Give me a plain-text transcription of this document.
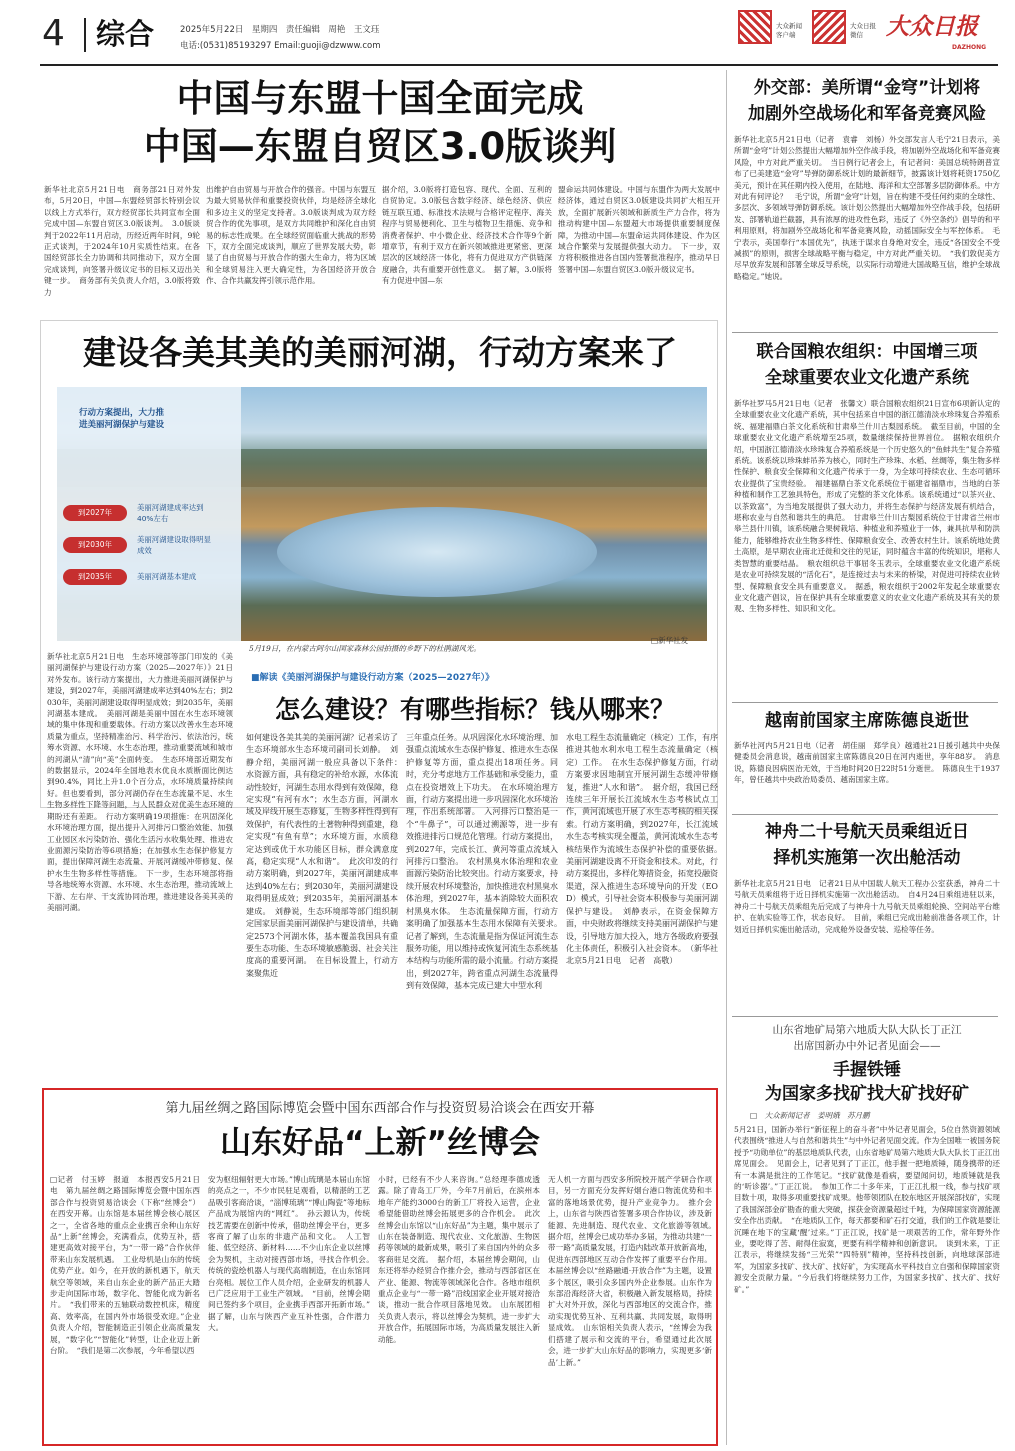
4 综合	2025年5月22日　星期四　责任编辑　周艳　王文珏
电话:(0531)85193297 Email:guoji@dzwww.com
大众新闻
客户端
大众日报
微信	大众日报
DAZHONG
中国与东盟十国全面完成
中国—东盟自贸区3.0版谈判
新华社北京5月21日电　商务部21日对外发布，5月20日，中国—东盟经贸部长特别会议以线上方式举行，双方经贸部长共同宣布全面完成中国—东盟自贸区3.0版谈判。　3.0版谈判于2022年11月启动，历经近两年时间，9轮正式谈判，于2024年10月实质性结束。在各国经贸部长全力协调和共同推动下，双方全面完成谈判，向签署升级议定书的目标又迈出关键一步。　商务部有关负责人介绍，3.0版将致力
出维护自由贸易与开放合作的强音。中国与东盟互为最大贸易伙伴和重要投资伙伴，均是经济全球化和多边主义的坚定支持者。3.0版谈判成为双方经贸合作的优先事项，是双方共同维护和深化自由贸易的标志性成果。在全球经贸面临重大挑战的形势下，双方全面完成谈判，顺应了世界发展大势，彰显了自由贸易与开放合作的强大生命力，将为区域和全球贸易注入更大确定性，为各国经济开放合作、合作共赢发挥引领示范作用。
据介绍，3.0版将打造包容、现代、全面、互利的自贸协定。3.0版包含数字经济、绿色经济、供应链互联互通、标准技术法规与合格评定程序、海关程序与贸易便利化、卫生与植物卫生措施、竞争和消费者保护、中小微企业、经济技术合作等9个新增章节，有利于双方在新兴领域推进更紧密、更深层次的区域经济一体化，将有力促进双方产供链深度融合，共有重要开创性意义。　据了解，3.0版将有力促进中国—东
盟命运共同体建设。中国与东盟作为两大发展中经济体，通过自贸区3.0版建设共同扩大相互开放，全面扩展新兴领域和新质生产力合作，将为推动构建中国—东盟超大市场提供重要制度保障，为推动中国—东盟命运共同体建设、作为区域合作繁荣与发展提供强大动力。　下一步，双方将积极推进各自国内签署批准程序，推动早日签署中国—东盟自贸区3.0版升级议定书。
外交部：美所谓“金穹”计划将
加剧外空战场化和军备竞赛风险
新华社北京5月21日电（记者　袁睿　刘杨）外交部发言人毛宁21日表示，美所谓“金穹”计划公然提出大幅增加外空作战手段，将加剧外空战场化和军备竞赛风险，中方对此严重关切。　当日例行记者会上，有记者问：美国总统特朗普宣布了已美建造“金穹”导弹防御系统计划的最新细节，披露该计划将耗资1750亿美元，预计在其任期内投入使用，在陆地、海洋和太空部署多层防御体系。中方对此有何评论？　毛宁说，所谓“金穹”计划，旨在构建不受任何约束的全球性、多层次、多领域导弹防御系统。该计划公然提出大幅增加外空作战手段，包括研发、部署轨道拦截器，具有浓厚的进攻性色彩，违反了《外空条约》倡导的和平利用原则，将加剧外空战场化和军备竞赛风险，动摇国际安全与军控体系。　毛宁表示，美国奉行“本国优先”，执迷于谋求自身绝对安全，违反“各国安全不受减损”的原则，损害全球战略平衡与稳定，中方对此严重关切。　“我们敦促美方尽早放弃发展和部署全球反导系统，以实际行动增进大国战略互信，维护全球战略稳定。”她说。
建设各美其美的美丽河湖，行动方案来了
行动方案提出，大力推
进美丽河湖保护与建设
到2027年
美丽河湖建成率达到
40%左右
到2030年
美丽河湖建设取得明显
成效
到2035年	美丽河湖基本建成
□新华社发
新华社北京5月21日电　生态环境部等部门印发的《美丽河湖保护与建设行动方案（2025—2027年）》21日对外发布。该行动方案提出，大力推进美丽河湖保护与建设，到2027年，美丽河湖建成率达到40%左右；到2030年，美丽河湖建设取得明显成效；到2035年，美丽河湖基本建成。　美丽河湖是美丽中国在水生态环境领域的集中体现和重要载体。行动方案以改善水生态环境质量为重点，坚持精准治污、科学治污、依法治污，统筹水资源、水环境、水生态治理，推动重要流域和城市的河湖从“清”向“美”全面转变。　生态环境部近期发布的数据显示，2024年全国地表水优良水质断面比例达到90.4%，同比上升1.0个百分点，水环境质量持续向好。但也要看到，部分河湖仍存在生态流量不足、水生生物多样性下降等问题，与人民群众对优美生态环境的期盼还有差距。　行动方案明确19项措施：在巩固深化水环境治理方面，提出提升入河排污口整治效能、加强工业园区水污染防治、强化生活污水收集处理、推进农业面源污染防治等6项措施；在加强水生态保护修复方面，提出保障河湖生态流量、开展河湖缓冲带修复、保护水生生物多样性等措施。　下一步，生态环境部将指导各地统筹水资源、水环境、水生态治理，推动流域上下游、左右岸、干支流协同治理，推进建设各美其美的美丽河湖。
5月19日，在内蒙古阿尔山国家森林公园拍摄的乡野下的杜鹃湖风光。
■解读《美丽河湖保护与建设行动方案（2025—2027年）》
怎么建设？有哪些指标？钱从哪来？
如何建设各美其美的美丽河湖？记者采访了生态环境部水生态环境司副司长刘静。　刘静介绍，美丽河湖一般应具备以下条件：　水资源方面，具有稳定的补给水源，水体流动性较好，河湖生态用水得到有效保障，稳定实现“有河有水”；水生态方面，河湖水域及岸线开展生态修复，生物多样性得到有效保护，有代表性的土著物种得到重建，稳定实现“有鱼有草”；水环境方面，水质稳定达到或优于水功能区目标，群众满意度高，稳定实现“人水和谐”。　此次印发的行动方案明确，到2027年，美丽河湖建成率达到40%左右；到2030年，美丽河湖建设取得明显成效；到2035年，美丽河湖基本建成。　刘静说，生态环境部等部门组织制定国家层面美丽河湖保护与建设清单，共确定2573个河湖水体，基本覆盖我国具有重要生态功能、生态环境敏感脆弱、社会关注度高的重要河湖。　在目标设置上，行动方案聚焦近
三年重点任务。从巩固深化水环境治理、加强重点流域水生态保护修复、推进水生态保护修复等方面，重点提出18项任务。同时，充分考虑地方工作基础和承受能力，重点在投资增效上下功夫。　在水环境治理方面，行动方案提出进一步巩固深化水环境治理，作出系统部署。　入河排污口整治是一个“牛鼻子”，可以通过溯源等，进一步有效推进排污口规范化管理。行动方案提出，到2027年，完成长江、黄河等重点流域入河排污口整治。　农村黑臭水体治理和农业面源污染防治比较突出。行动方案要求，持续开展农村环境整治，加快推进农村黑臭水体治理，到2027年，基本消除较大面积农村黑臭水体。　生态流量保障方面，行动方案明确了加强基本生态用水保障有关要求。　记者了解到，生态流量是指为保证河流生态服务功能，用以维持或恢复河流生态系统基本结构与功能所需的最小流量。行动方案提出，到2027年，跨省重点河湖生态流量得到有效保障，基本完成已建大中型水利
水电工程生态流量确定（核定）工作，有序推进其他水利水电工程生态流量确定（核定）工作。　在水生态保护修复方面，行动方案要求因地制宜开展河湖生态缓冲带修复，推进“人水和谐”。　据介绍，我国已经连续三年开展长江流域水生态考核试点工作，黄河流域也开展了水生态考核的相关探索。行动方案明确，到2027年，长江流域水生态考核实现全覆盖，黄河流域水生态考核结果作为流域生态保护补偿的重要依据。　美丽河湖建设离不开资金和技术。对此，行动方案提出，多样化筹措资金，拓宽投融资渠道，深入推进生态环境导向的开发（EOD）模式，引导社会资本积极参与美丽河湖保护与建设。　刘静表示，在资金保障方面，中央财政将继续支持美丽河湖保护与建设，引导地方加大投入，地方各级政府要强化主体责任，积极引入社会资本。　（新华社北京5月21日电　记者　高敬）
联合国粮农组织：中国增三项
全球重要农业文化遗产系统
新华社罗马5月21日电（记者　张馨文）联合国粮农组织21日宣布6项新认定的全球重要农业文化遗产系统，其中包括来自中国的浙江德清淡水珍珠复合养殖系统、福建福鼎白茶文化系统和甘肃皋兰什川古梨园系统。　截至目前，中国的全球重要农业文化遗产系统增至25项，数量继续保持世界首位。　据粮农组织介绍，中国浙江德清淡水珍珠复合养殖系统是一个历史悠久的“鱼蚌共生”复合养殖系统。该系统以珍珠蚌吊养为核心，同时生产珍珠、水稻、丝绸等，集生物多样性保护、粮食安全保障和文化遗产传承于一身，为全球可持续农业、生态可循环农业提供了宝贵经验。　福建福鼎白茶文化系统位于福建省福鼎市，当地的白茶种植和制作工艺独具特色，形成了完整的茶文化体系。该系统通过“以茶兴业、以茶致富”，为当地发展提供了强大动力，并将生态保护与经济发展有机结合，堪称农业与自然和谐共生的典范。　甘肃皋兰什川古梨园系统位于甘肃省兰州市皋兰县什川镇，该系统融合果树栽培、种植业和养殖业于一体，兼具抗旱和防洪能力，能够维持农业生物多样性、保障粮食安全、改善农村生计。该系统地处黄土高原，是早期农业南北迁徙和交往的见证，同时蕴含丰富的传统知识，堪称人类智慧的重要结晶。　粮农组织总干事屈冬玉表示，全球重要农业文化遗产系统是农业可持续发展的“活化石”，是连接过去与未来的桥梁，对促进可持续农业转型、保障粮食安全具有重要意义。　据悉，粮农组织于2002年发起全球重要农业文化遗产倡议，旨在保护具有全球重要意义的农业文化遗产系统及其有关的景观、生物多样性、知识和文化。
越南前国家主席陈德良逝世
新华社河内5月21日电（记者　胡佳丽　郑学良）越通社21日援引越共中央保健委员会消息说，越南前国家主席陈德良20日在河内逝世，享年88岁。　消息说，陈德良因病医治无效，于当地时间20日22时51分逝世。　陈德良生于1937年，曾任越共中央政治局委员、越南国家主席。
神舟二十号航天员乘组近日
择机实施第一次出舱活动
新华社北京5月21日电　记者21日从中国载人航天工程办公室获悉，神舟二十号航天员乘组将于近日择机实施第一次出舱活动。　自4月24日乘组进驻以来，神舟二十号航天员乘组先后完成了与神舟十九号航天员乘组轮换、空间站平台维护、在轨实验等工作，状态良好。　目前，乘组已完成出舱前准备各项工作，计划近日择机实施出舱活动，完成舱外设备安装、巡检等任务。
山东省地矿局第六地质大队大队长丁正江
出席国新办中外记者见面会——
手握铁锤
为国家多找矿找大矿找好矿
□　大众新闻记者　姜明娥　苏月鹏
5月21日，国新办举行“新征程上的奋斗者”中外记者见面会，5位自然资源领域代表围绕“推进人与自然和谐共生”与中外记者见面交流。作为全国唯一被国务院授予“功勋单位”的基层地质队代表，山东省地矿局第六地质大队大队长丁正江出席见面会。　见面会上，记者见到了丁正江，他手握一把地质锤，随身携带的还有一本满是批注的工作笔记。“找矿就像是看病，要望闻问切，地质锤就是我的‘听诊器’。”丁正江说。　参加工作二十多年来，丁正江扎根一线，参与找矿项目数十项，取得多项重要找矿成果。他带领团队在胶东地区开展深部找矿，实现了我国深部金矿勘查的重大突破，探获金资源量超过千吨，为保障国家资源能源安全作出贡献。　“在地质队工作，每天都要和矿石打交道，我们的工作就是要让沉睡在地下的宝藏‘醒’过来。”丁正江说，找矿是一项艰苦的工作，常年野外作业，要吃得了苦、耐得住寂寞，更要有科学精神和创新意识。　谈到未来，丁正江表示，将继续发扬“三光荣”“四特别”精神，坚持科技创新，向地球深部进军，为国家多找矿、找大矿、找好矿，为实现高水平科技自立自强和保障国家资源安全贡献力量。“今后我们将继续努力工作，为国家多找矿、找大矿、找好矿。”
第九届丝绸之路国际博览会暨中国东西部合作与投资贸易洽谈会在西安开幕
山东好品“上新”丝博会
□记者　付玉婷　报道　本报西安5月21日电　第九届丝绸之路国际博览会暨中国东西部合作与投资贸易洽谈会（下称“丝博会”）在西安开幕。山东馆是本届丝博会核心展区之一，全省各地的重点企业携百余种山东好品“上新”丝博会，充满看点，优势互补，搭建更高效对接平台，为“一带一路”合作伙伴带来山东发展机遇。　工业母机是山东的传统优势产业。如今，在开放的新机遇下，航天航空等领域，来自山东企业的新产品正大踏步走向国际市场，数字化、智能化成为新名片。　“我们带来的五轴联动数控机床，精度高、效率高，在国内外市场很受欢迎。”企业负责人介绍，智能制造正引领企业高质量发展，“数字化”“智能化”转型，让企业迈上新台阶。　“我们是第二次参展，今年希望以西
安为枢纽辐射更大市场。”博山琉璃是本届山东馆的亮点之一，不少市民驻足观看，以精湛的工艺品吸引客商洽谈，“淄博琉璃”“博山陶瓷”等地标产品成为展馆内的“网红”。　孙云源认为，传统技艺需要在创新中传承，借助丝博会平台，更多客商了解了山东的非遗产品和文化。　人工智能、低空经济、新材料……不少山东企业以丝博会为契机，主动对接西部市场，寻找合作机会。　传统的瓷绘机器人与现代高端制造，在山东馆同台亮相。展位工作人员介绍，企业研发的机器人已广泛应用于工业生产领域。　“目前，丝博会期间已签约多个项目，企业携手西部开拓新市场。”　据了解，山东与陕西产业互补性强，合作潜力大。
小时，已经有不少人来咨询。”总经理李德成透露。除了青岛工厂外，今年7月前后，在滨州本地年产能约3000台的新工厂将投入运营，企业希望能借助丝博会拓展更多的合作机会。　此次丝博会山东馆以“山东好品”为主题，集中展示了山东在装备制造、现代农业、文化旅游、生物医药等领域的最新成果，吸引了来自国内外的众多客商驻足交流。　据介绍，本届丝博会期间，山东还将举办经贸合作推介会，推动与西部省区在产业、能源、物流等领域深化合作。各地市组织重点企业与“一带一路”沿线国家企业开展对接洽谈，推动一批合作项目落地见效。　山东展团相关负责人表示，将以丝博会为契机，进一步扩大开放合作，拓展国际市场，为高质量发展注入新动能。
无人机一方面与西安多所院校开展产学研合作项目，另一方面充分发挥好烟台港口物流优势和丰富的落地场景优势，提升产业竞争力。　推介会上，山东省与陕西省签署多项合作协议，涉及新能源、先进制造、现代农业、文化旅游等领域。　据介绍，丝博会已成功举办多届，为推动共建“一带一路”高质量发展，打造内陆改革开放新高地，促进东西部地区互动合作发挥了重要平台作用。本届丝博会以“丝路融通·开放合作”为主题，设置多个展区，吸引众多国内外企业参展。山东作为东部沿海经济大省，积极融入新发展格局，持续扩大对外开放，深化与西部地区的交流合作，推动实现优势互补、互利共赢、共同发展，取得明显成效。　山东馆相关负责人表示，“丝博会为我们搭建了展示和交流的平台，希望通过此次展会，进一步扩大山东好品的影响力，实现更多‘新品’上新。”
